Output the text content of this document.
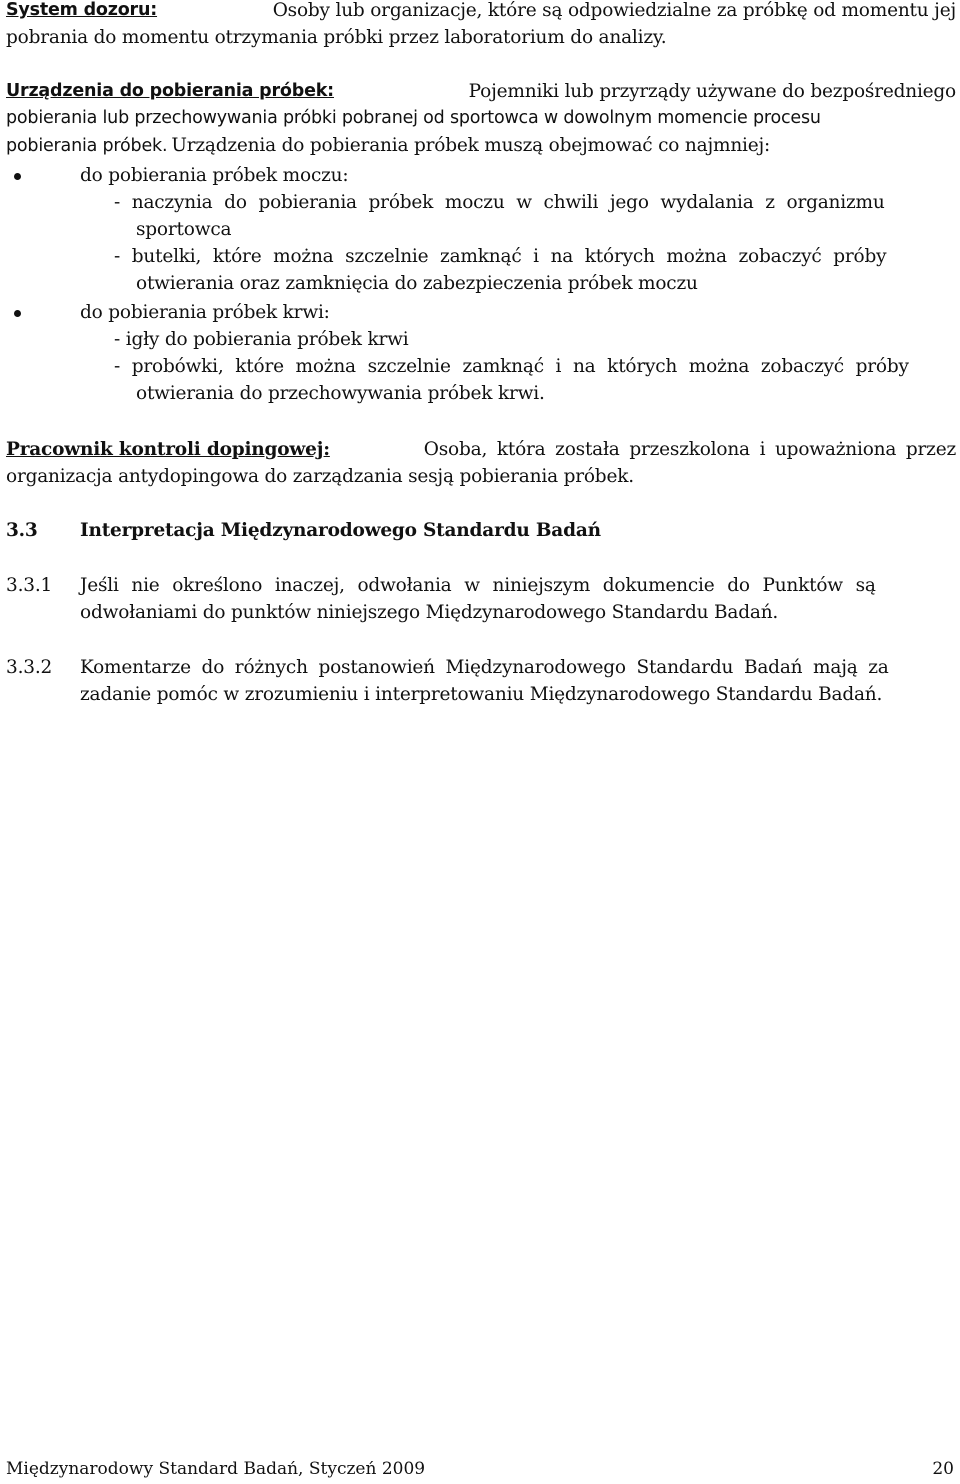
System dozoru:	Osoby lub organizacje, które są odpowiedzialne za próbkę od momentu jej
pobrania do momentu otrzymania próbki przez laboratorium do analizy.
Urządzenia do pobierania próbek:	Pojemniki lub przyrządy używane do bezpośredniego
pobierania lub przechowywania próbki pobranej od sportowca w dowolnym momencie procesu
pobierania próbek. Urządzenia do pobierania próbek muszą obejmować co najmniej:
do pobierania próbek moczu:
- naczynia do pobierania próbek moczu w chwili jego wydalania z organizmu
sportowca
- butelki, które można szczelnie zamknąć i na których można zobaczyć próby
otwierania oraz zamknięcia do zabezpieczenia próbek moczu
do pobierania próbek krwi:
- igły do pobierania próbek krwi
- probówki, które można szczelnie zamknąć i na których można zobaczyć próby
otwierania do przechowywania próbek krwi.
Pracownik kontroli dopingowej:	Osoba, która została przeszkolona i upoważniona przez
organizacja antydopingowa do zarządzania sesją pobierania próbek.
3.3 Interpretacja Międzynarodowego Standardu Badań
3.3.1 Jeśli nie określono inaczej, odwołania w niniejszym dokumencie do Punktów są
odwołaniami do punktów niniejszego Międzynarodowego Standardu Badań.
3.3.2 Komentarze do różnych postanowień Międzynarodowego Standardu Badań mają za
zadanie pomóc w zrozumieniu i interpretowaniu Międzynarodowego Standardu Badań.
Międzynarodowy Standard Badań, Styczeń 2009	20
